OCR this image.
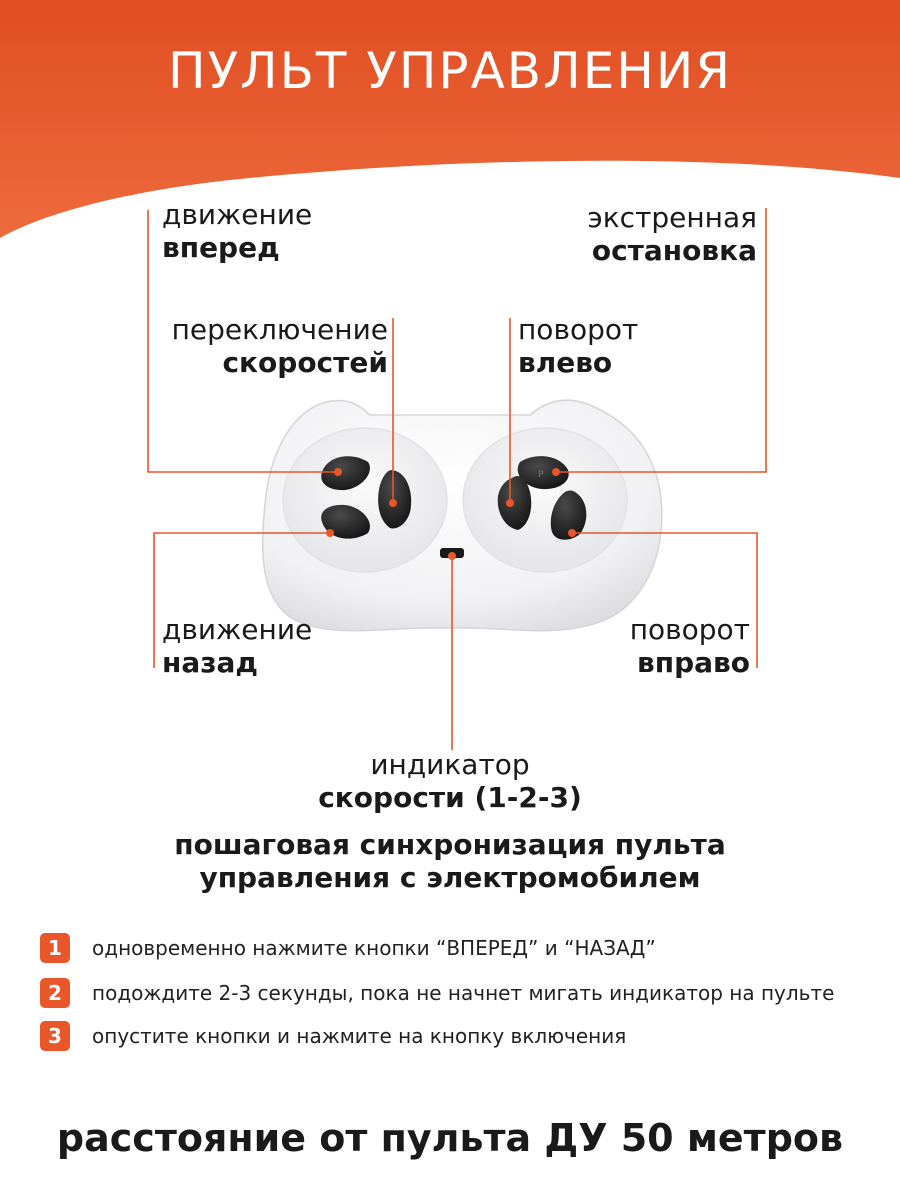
ПУЛЬТ УПРАВЛЕНИЯ
P
движение
вперед
экстренная
остановка
переключение
скоростей
поворот
влево
движение
назад
поворот
вправо
индикатор
скорости (1-2-3)
пошаговая синхронизация пульта
управления с электромобилем
1	одновременно нажмите кнопки “ВПЕРЕД” и “НАЗАД”
2	подождите 2-3 секунды, пока не начнет мигать индикатор на пульте
3	опустите кнопки и нажмите на кнопку включения
расстояние от пульта ДУ 50 метров
